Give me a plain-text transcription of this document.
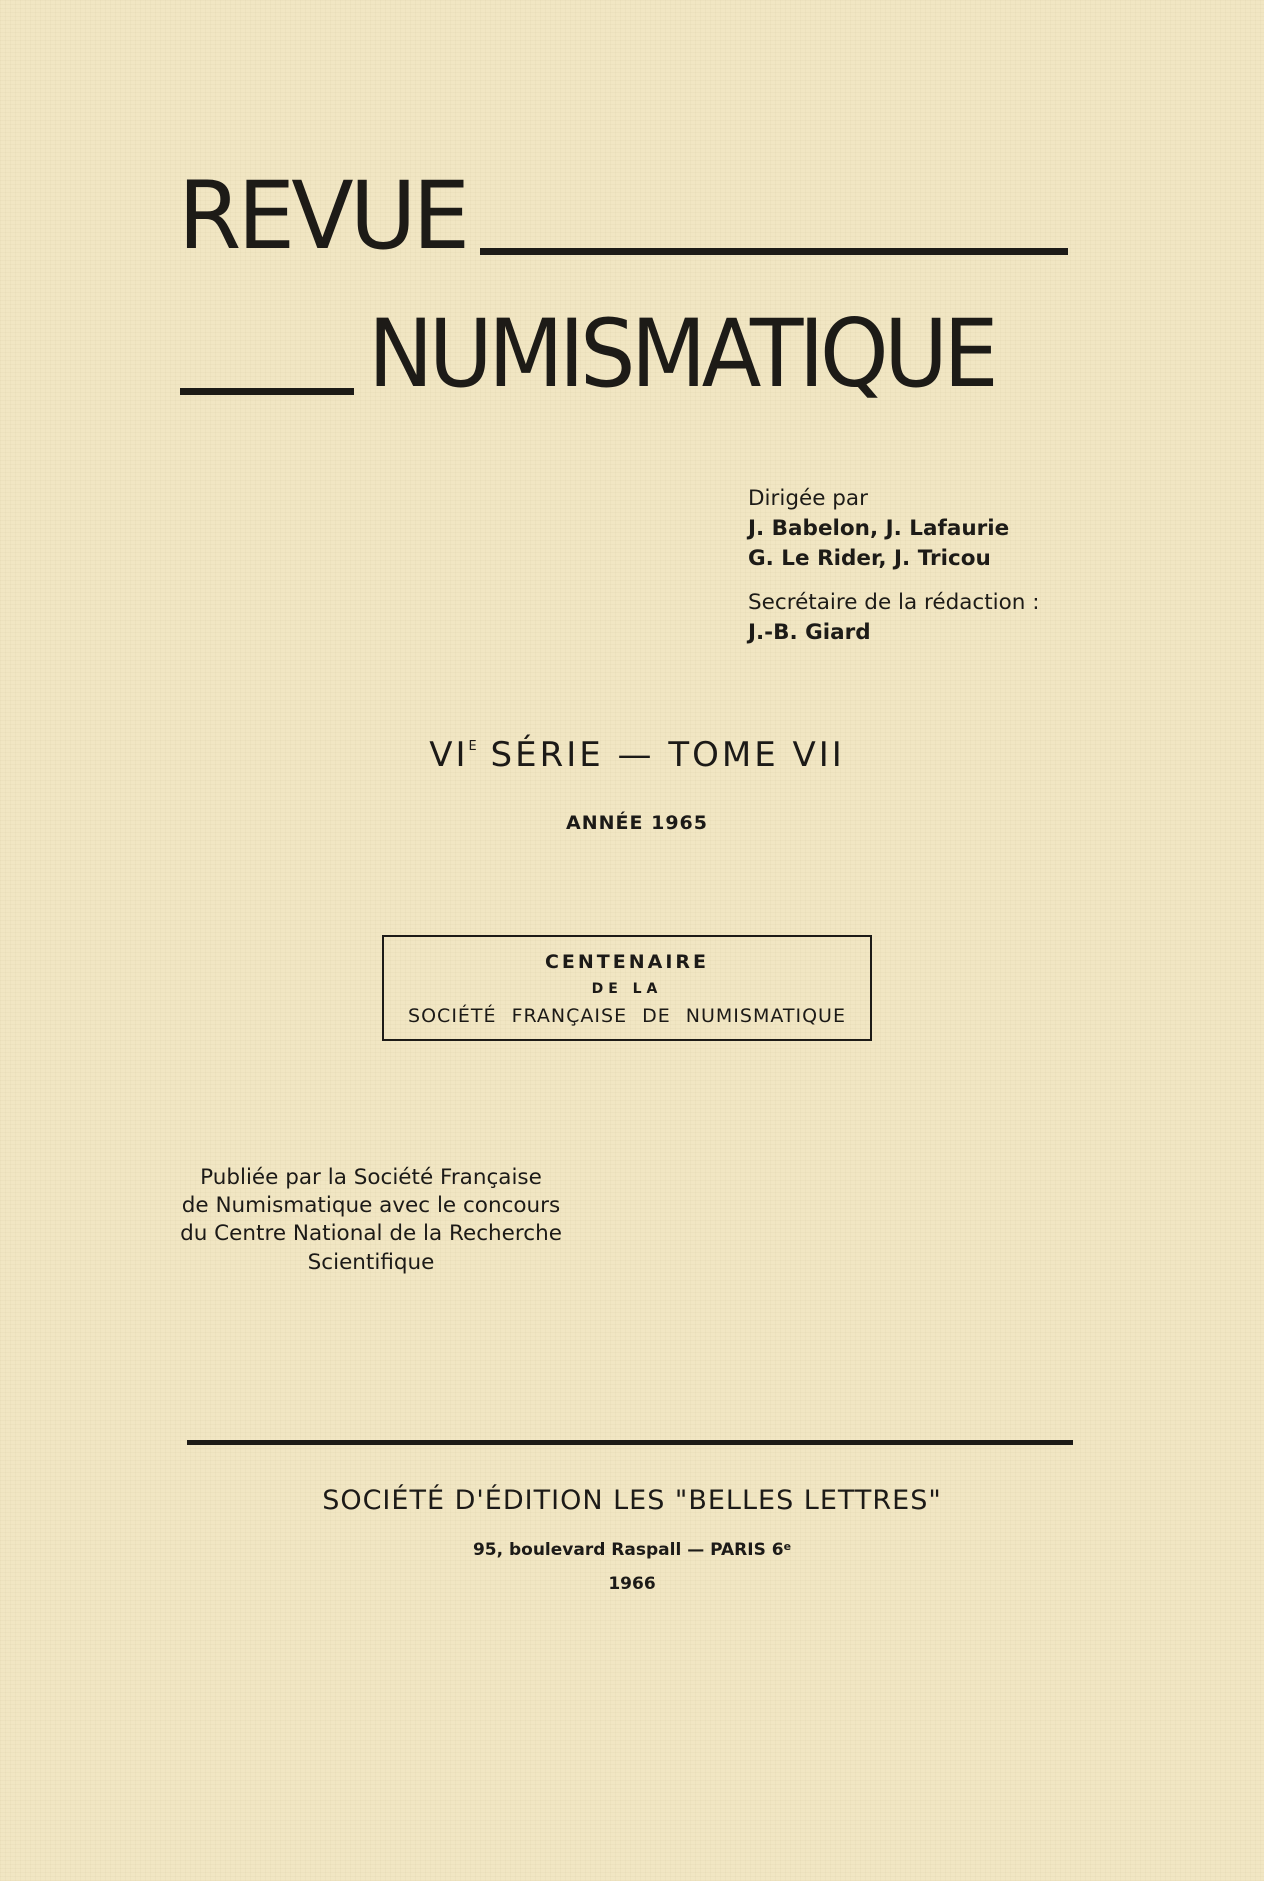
REVUE
NUMISMATIQUE
Dirigée par
J. Babelon, J. Lafaurie
G. Le Rider, J. Tricou
Secrétaire de la rédaction :
J.-B. Giard
$VI^E$ SÉRIE — TOME VII
ANNÉE 1965
CENTENAIRE
DE LA
SOCIÉTÉ FRANÇAISE DE NUMISMATIQUE
Publiée par la Société Française
de Numismatique avec le concours
du Centre National de la Recherche
Scientifique
SOCIÉTÉ D'ÉDITION LES "BELLES LETTRES"
95, boulevard Raspall — PARIS 6e
1966
